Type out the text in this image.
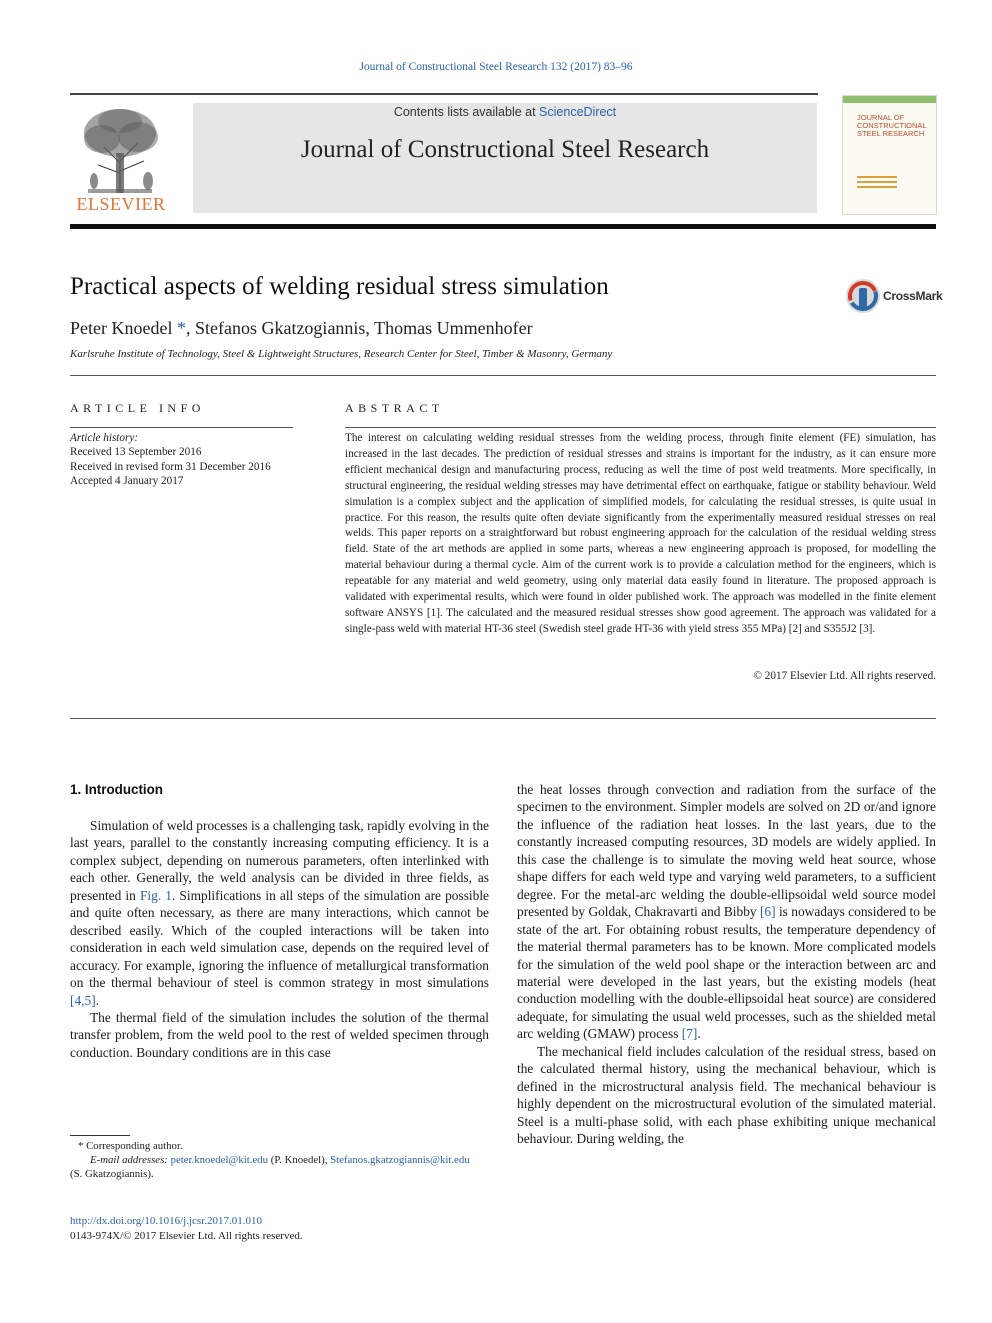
Journal of Constructional Steel Research 132 (2017) 83–96
ELSEVIER
Contents lists available at ScienceDirect
Journal of Constructional Steel Research
JOURNAL OF CONSTRUCTIONAL STEEL RESEARCH
Practical aspects of welding residual stress simulation	CrossMark
Peter Knoedel *, Stefanos Gkatzogiannis, Thomas Ummenhofer
Karlsruhe Institute of Technology, Steel & Lightweight Structures, Research Center for Steel, Timber & Masonry, Germany
ARTICLE INFO
Article history:
Received 13 September 2016
Received in revised form 31 December 2016
Accepted 4 January 2017
ABSTRACT
The interest on calculating welding residual stresses from the welding process, through finite element (FE) simulation, has increased in the last decades. The prediction of residual stresses and strains is important for the industry, as it can ensure more efficient mechanical design and manufacturing process, reducing as well the time of post weld treatments. More specifically, in structural engineering, the residual welding stresses may have detrimental effect on earthquake, fatigue or stability behaviour. Weld simulation is a complex subject and the application of simplified models, for calculating the residual stresses, is quite usual in practice. For this reason, the results quite often deviate significantly from the experimentally measured residual stresses on real welds. This paper reports on a straightforward but robust engineering approach for the calculation of the residual welding stress field. State of the art methods are applied in some parts, whereas a new engineering approach is proposed, for modelling the material behaviour during a thermal cycle. Aim of the current work is to provide a calculation method for the engineers, which is repeatable for any material and weld geometry, using only material data easily found in literature. The proposed approach is validated with experimental results, which were found in older published work. The approach was modelled in the finite element software ANSYS [1]. The calculated and the measured residual stresses show good agreement. The approach was validated for a single-pass weld with material HT-36 steel (Swedish steel grade HT-36 with yield stress 355 MPa) [2] and S355J2 [3].
© 2017 Elsevier Ltd. All rights reserved.
1. Introduction

Simulation of weld processes is a challenging task, rapidly evolving in the last years, parallel to the constantly increasing computing efficiency. It is a complex subject, depending on numerous parameters, often interlinked with each other. Generally, the weld analysis can be divided in three fields, as presented in Fig. 1. Simplifications in all steps of the simulation are possible and quite often necessary, as there are many interactions, which cannot be described easily. Which of the coupled interactions will be taken into consideration in each weld simulation case, depends on the required level of accuracy. For example, ignoring the influence of metallurgical transformation on the thermal behaviour of steel is common strategy in most simulations [4,5].

The thermal field of the simulation includes the solution of the thermal transfer problem, from the weld pool to the rest of welded specimen through conduction. Boundary conditions are in this case

the heat losses through convection and radiation from the surface of the specimen to the environment. Simpler models are solved on 2D or/and ignore the influence of the radiation heat losses. In the last years, due to the constantly increased computing resources, 3D models are widely applied. In this case the challenge is to simulate the moving weld heat source, whose shape differs for each weld type and varying weld parameters, to a sufficient degree. For the metal-arc welding the double-ellipsoidal weld source model presented by Goldak, Chakravarti and Bibby [6] is nowadays considered to be state of the art. For obtaining robust results, the temperature dependency of the material thermal parameters has to be known. More complicated models for the simulation of the weld pool shape or the interaction between arc and material were developed in the last years, but the existing models (heat conduction modelling with the double-ellipsoidal heat source) are considered adequate, for simulating the usual weld processes, such as the shielded metal arc welding (GMAW) process [7].

The mechanical field includes calculation of the residual stress, based on the calculated thermal history, using the mechanical behaviour, which is defined in the microstructural analysis field. The mechanical behaviour is highly dependent on the microstructural evolution of the simulated material. Steel is a multi-phase solid, with each phase exhibiting unique mechanical behaviour. During welding, the

* Corresponding author.
E-mail addresses: peter.knoedel@kit.edu (P. Knoedel), Stefanos.gkatzogiannis@kit.edu
(S. Gkatzogiannis).
http://dx.doi.org/10.1016/j.jcsr.2017.01.010
0143-974X/© 2017 Elsevier Ltd. All rights reserved.
